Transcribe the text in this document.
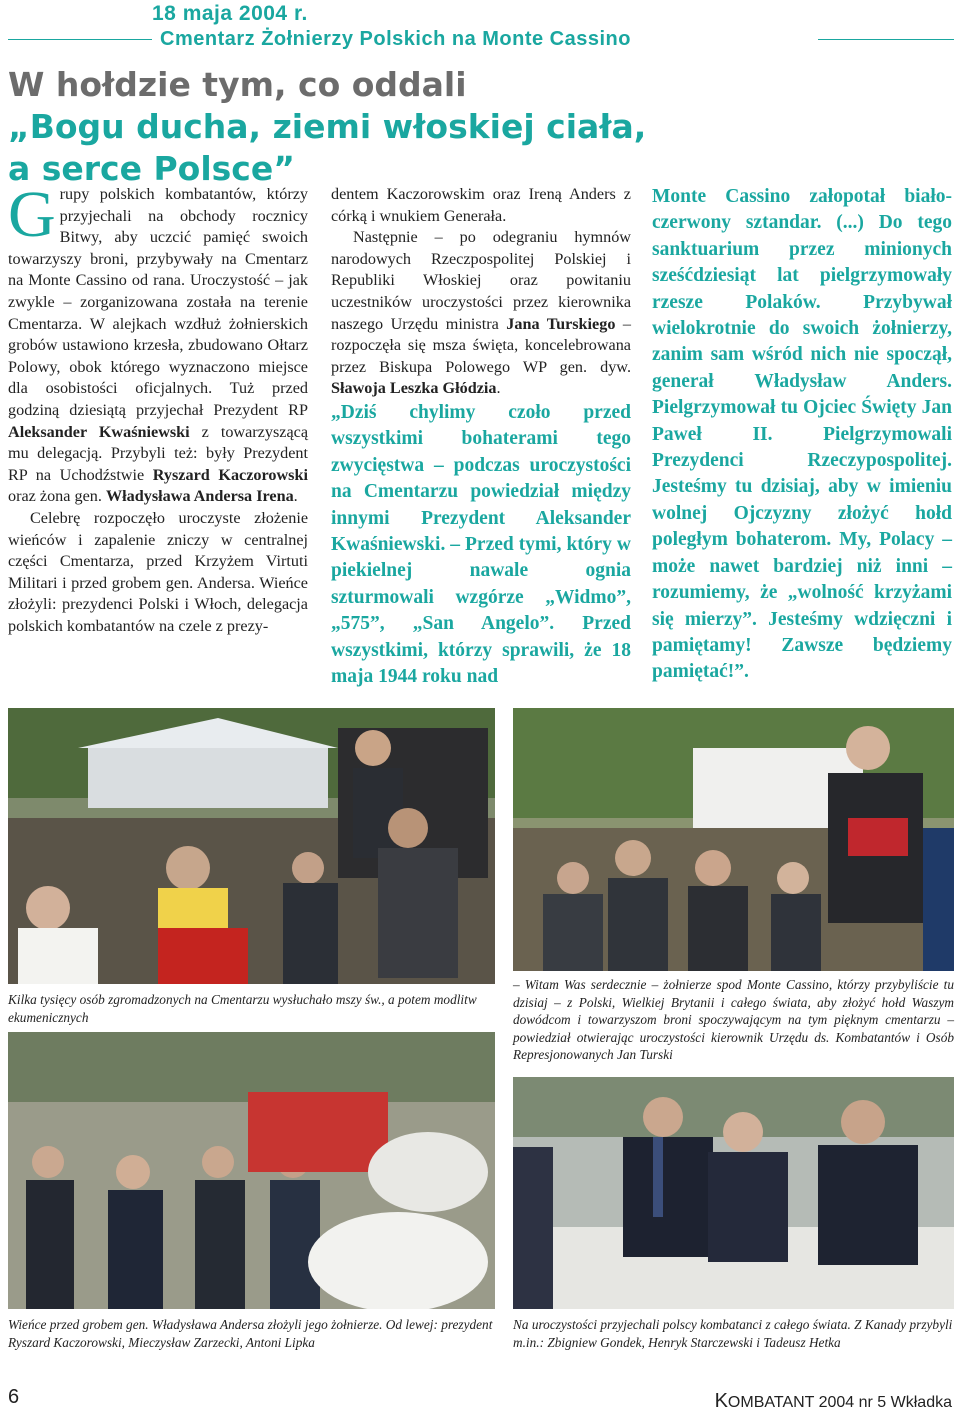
18 maja 2004 r.
Cmentarz Żołnierzy Polskich na Monte Cassino
W hołdzie tym, co oddali
„Bogu ducha, ziemi włoskiej ciała,
a serce Polsce”

Grupy polskich kombatantów, którzy przyjechali na obchody rocznicy Bitwy, aby uczcić pamięć swoich towarzyszy broni, przybywały na Cmentarz na Monte Cassino od rana. Uroczystość – jak zwykle – zorganizowana została na terenie Cmentarza. W alejkach wzdłuż żołnierskich grobów ustawiono krzesła, zbudowano Ołtarz Polowy, obok którego wyznaczono miejsce dla osobistości oficjalnych. Tuż przed godziną dziesiątą przyjechał Prezydent RP Aleksander Kwaśniewski z towarzyszącą mu delegacją. Przybyli też: były Prezydent RP na Uchodźstwie Ryszard Kaczorowski oraz żona gen. Władysława Andersa Irena.

Celebrę rozpoczęło uroczyste złożenie wieńców i zapalenie zniczy w centralnej części Cmentarza, przed Krzyżem Virtuti Militari i przed grobem gen. Andersa. Wieńce złożyli: prezydenci Polski i Włoch, delegacja polskich kombatantów na czele z prezy-

dentem Kaczorowskim oraz Ireną Anders z córką i wnukiem Generała.

Następnie – po odegraniu hymnów narodowych Rzeczpospolitej Polskiej i Republiki Włoskiej oraz powitaniu uczestników uroczystości przez kierownika naszego Urzędu ministra Jana Turskiego – rozpoczęła się msza święta, koncelebrowana przez Biskupa Polowego WP gen. dyw. Sławoja Leszka Głódzia.

„Dziś chylimy czoło przed wszystkimi bohaterami tego zwycięstwa – podczas uroczystości na Cmentarzu powiedział między innymi Prezydent Aleksander Kwaśniewski. – Przed tymi, który w piekielnej nawale ognia szturmowali wzgórze „Widmo”, „575”, „San Angelo”. Przed wszystkimi, którzy sprawili, że 18 maja 1944 roku nad

Monte Cassino załopotał biało-czerwony sztandar. (...) Do tego sanktuarium przez minionych sześćdziesiąt lat pielgrzymowały rzesze Polaków. Przybywał wielokrotnie do swoich żołnierzy, zanim sam wśród nich nie spoczął, generał Władysław Anders. Pielgrzymował tu Ojciec Święty Jan Paweł II. Pielgrzymowali Prezydenci Rzeczypospolitej. Jesteśmy tu dzisiaj, aby w imieniu wolnej Ojczyzny złożyć hołd poległym bohaterom. My, Polacy – może nawet bardziej niż inni – rozumiemy, że „wolność krzyżami się mierzy”. Jesteśmy wdzięczni i pamiętamy! Zawsze będziemy pamiętać!”.
Kilka tysięcy osób zgromadzonych na Cmentarzu wysłuchało mszy św., a potem modlitw ekumenicznych
– Witam Was serdecznie – żołnierze spod Monte Cassino, którzy przybyliście tu dzisiaj – z Polski, Wielkiej Brytanii i całego świata, aby złożyć hołd Waszym dowódcom i towarzyszom broni spoczywającym na tym pięknym cmentarzu – powiedział otwierając uroczystości kierownik Urzędu ds. Kombatantów i Osób Represjonowanych Jan Turski
Wieńce przed grobem gen. Władysława Andersa złożyli jego żołnierze. Od lewej: prezydent Ryszard Kaczorowski, Mieczysław Zarzecki, Antoni Lipka
Na uroczystości przyjechali polscy kombatanci z całego świata. Z Kanady przybyli m.in.: Zbigniew Gondek, Henryk Starczewski i Tadeusz Hetka
6	KOMBATANT 2004 nr 5 Wkładka
